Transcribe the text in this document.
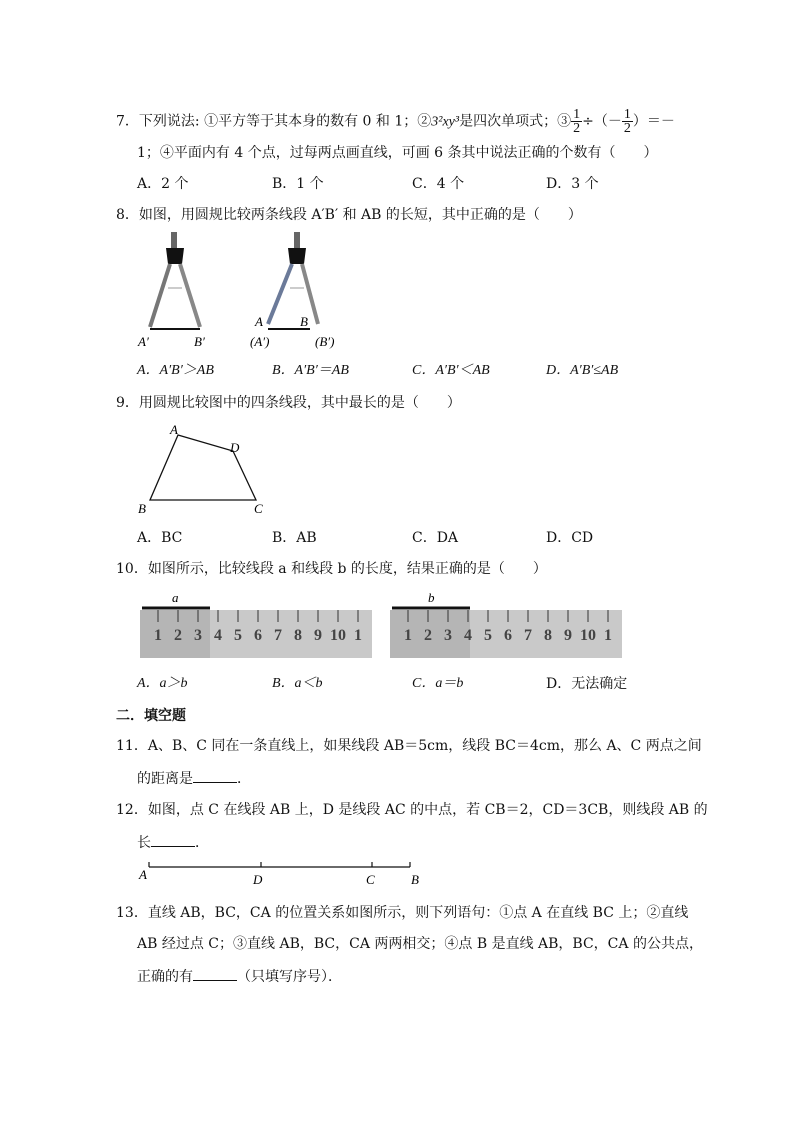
7．下列说法: ①平方等于其本身的数有 0 和 1；②3²xy³是四次单项式；③ $\frac{1}{2}$ ÷（－ $\frac{1}{2}$ ）＝－
1；④平面内有 4 个点，过每两点画直线，可画 6 条其中说法正确的个数有（　　）
A．2 个	B．1 个	C．4 个	D．3 个
8．如图，用圆规比较两条线段 A′B′ 和 AB 的长短，其中正确的是（　　）
A′	B′
A	B
(A′)	(B′)
A．A′B′＞AB	B．A′B′＝AB	C．A′B′＜AB	D．A′B′≤AB
9．用圆规比较图中的四条线段，其中最长的是（　　）
A
D
B	C
A．BC	B．AB	C．DA	D．CD
10．如图所示，比较线段 a 和线段 b 的长度，结果正确的是（　　）
a
1 2 3 4 5 6 7 8 9 10 1
b
1 2 3 4 5 6 7 8 9 10 1
A．a＞b	B．a＜b	C．a＝b	D．无法确定
二．填空题
11．A、B、C 同在一条直线上，如果线段 AB＝5cm，线段 BC＝4cm，那么 A、C 两点之间
的距离是	．
12．如图，点 C 在线段 AB 上，D 是线段 AC 的中点，若 CB＝2，CD＝3CB，则线段 AB 的
长	．
A	D	C	B
13．直线 AB，BC，CA 的位置关系如图所示，则下列语句：①点 A 在直线 BC 上；②直线
AB 经过点 C；③直线 AB，BC，CA 两两相交；④点 B 是直线 AB，BC，CA 的公共点，
正确的有	（只填写序号）．
